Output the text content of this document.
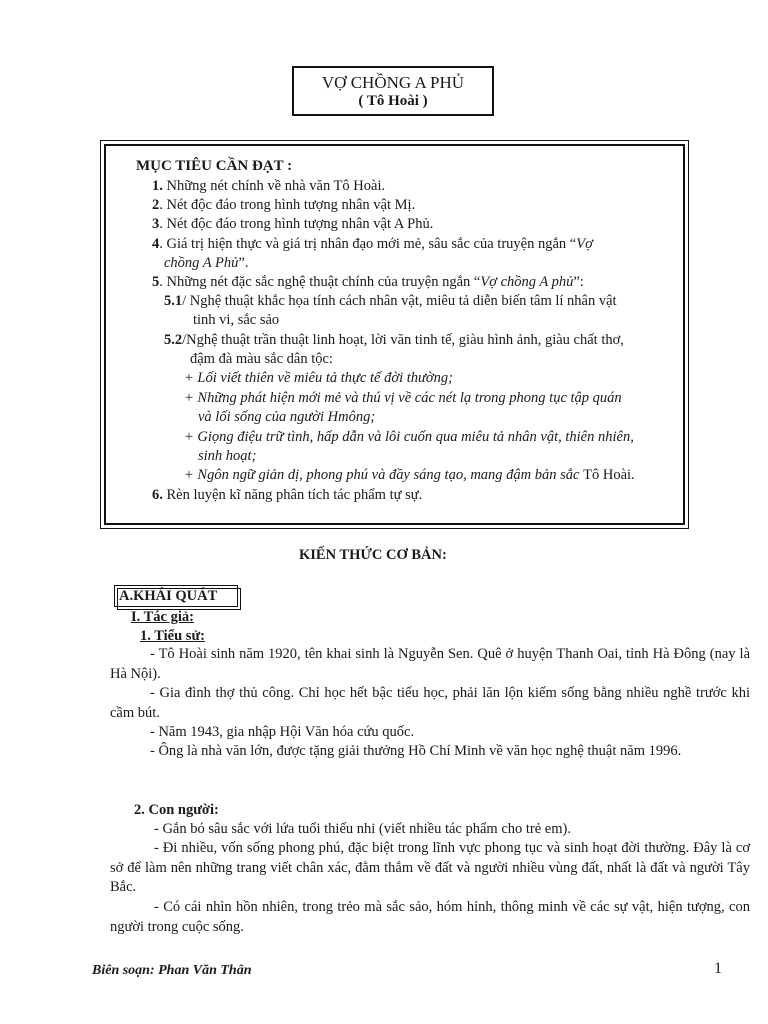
VỢ CHỒNG A PHỦ
( Tô Hoài )
MỤC TIÊU CẦN ĐẠT :
1. Những nét chính về nhà văn Tô Hoài.
2. Nét độc đáo trong hình tượng nhân vật Mị.
3. Nét độc đáo trong hình tượng nhân vật A Phủ.
4. Giá trị hiện thực và giá trị nhân đạo mới mẻ, sâu sắc của truyện ngắn “Vợ
chồng A Phủ”.
5. Những nét đặc sắc nghệ thuật chính của truyện ngắn “Vợ chồng A phủ”:
5.1/ Nghệ thuật khắc họa tính cách nhân vật, miêu tả diễn biến tâm lí nhân vật
tinh vi, sắc sảo
5.2/Nghệ thuật trần thuật linh hoạt, lời văn tinh tế, giàu hình ảnh, giàu chất thơ,
đậm đà màu sắc dân tộc:
+ Lối viết thiên về miêu tả thực tế đời thường;
+ Những phát hiện mới mẻ và thú vị về các nét lạ trong phong tục tập quán
và lối sống của người Hmông;
+ Giọng điệu trữ tình, hấp dẫn và lôi cuốn qua miêu tả nhân vật, thiên nhiên,
sinh hoạt;
+ Ngôn ngữ giản dị, phong phú và đầy sáng tạo, mang đậm bản sắc Tô Hoài.
6. Rèn luyện kĩ năng phân tích tác phẩm tự sự.
KIẾN THỨC CƠ BẢN:
A.KHÁI QUÁT
I. Tác giả:
1. Tiểu sử:
- Tô Hoài sinh năm 1920, tên khai sinh là Nguyễn Sen. Quê ở huyện Thanh Oai, tỉnh Hà Đông (nay là Hà Nội).
- Gia đình thợ thủ công. Chỉ học hết bậc tiểu học, phải lăn lộn kiếm sống bằng nhiều nghề trước khi cầm bút.
- Năm 1943, gia nhập Hội Văn hóa cứu quốc.
- Ông là nhà văn lớn, được tặng giải thưởng Hồ Chí Minh về văn học nghệ thuật năm 1996.
2. Con người:
- Gắn bó sâu sắc với lứa tuổi thiếu nhi (viết nhiều tác phẩm cho trẻ em).
- Đi nhiều, vốn sống phong phú, đặc biệt trong lĩnh vực phong tục và sinh hoạt đời thường. Đây là cơ sở để làm nên những trang viết chân xác, đằm thắm về đất và người nhiều vùng đất, nhất là đất và người Tây Bắc.
- Có cái nhìn hồn nhiên, trong trẻo mà sắc sảo, hóm hỉnh, thông minh về các sự vật, hiện tượng, con người trong cuộc sống.
Biên soạn: Phan Văn Thân	1
